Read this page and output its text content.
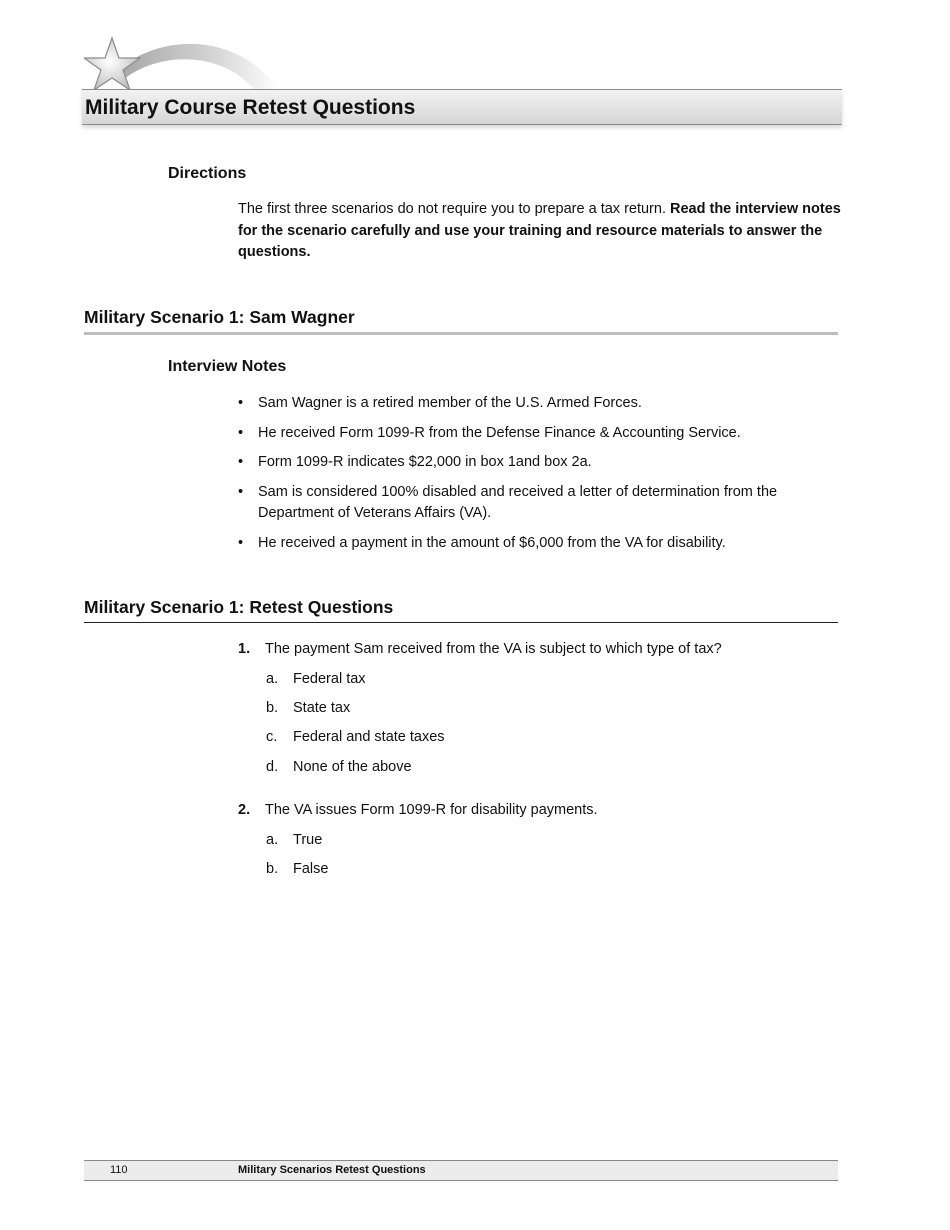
Military Course Retest Questions
Directions
The first three scenarios do not require you to prepare a tax return. Read the interview notes for the scenario carefully and use your training and resource materials to answer the questions.
Military Scenario 1: Sam Wagner
Interview Notes
• Sam Wagner is a retired member of the U.S. Armed Forces.
• He received Form 1099-R from the Defense Finance & Accounting Service.
• Form 1099-R indicates $22,000 in box 1and box 2a.
• Sam is considered 100% disabled and received a letter of determination from the Department of Veterans Affairs (VA).
• He received a payment in the amount of $6,000 from the VA for disability.
Military Scenario 1: Retest Questions
1. The payment Sam received from the VA is subject to which type of tax?
a. Federal tax
b. State tax
c. Federal and state taxes
d. None of the above
2. The VA issues Form 1099-R for disability payments.
a. True
b. False
110	Military Scenarios Retest Questions
